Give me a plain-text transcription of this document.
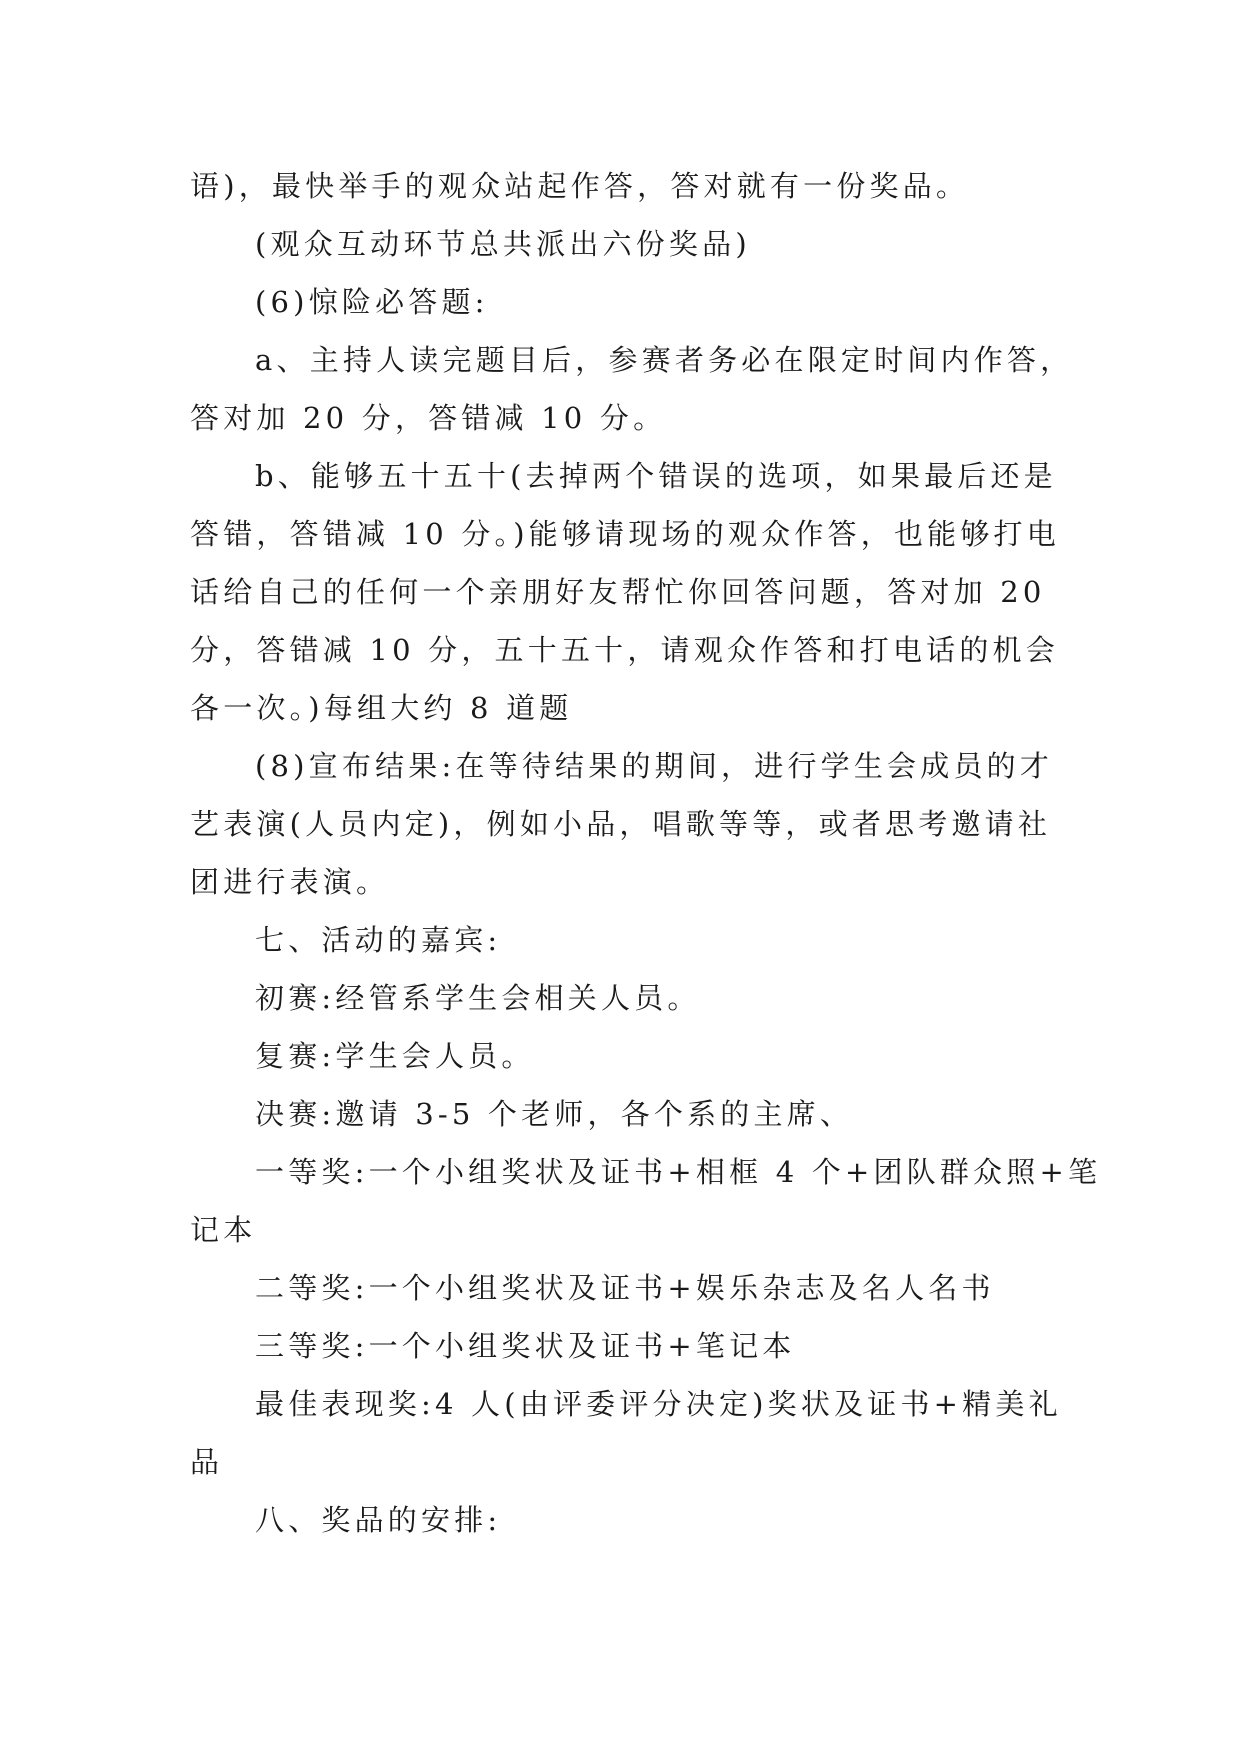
语)，最快举手的观众站起作答，答对就有一份奖品。
(观众互动环节总共派出六份奖品)
(6)惊险必答题:
a、主持人读完题目后，参赛者务必在限定时间内作答，
答对加 20 分，答错减 10 分。
b、能够五十五十(去掉两个错误的选项，如果最后还是
答错，答错减 10 分。)能够请现场的观众作答，也能够打电
话给自己的任何一个亲朋好友帮忙你回答问题，答对加 20
分，答错减 10 分，五十五十，请观众作答和打电话的机会
各一次。)每组大约 8 道题
(8)宣布结果:在等待结果的期间，进行学生会成员的才
艺表演(人员内定)，例如小品，唱歌等等，或者思考邀请社
团进行表演。
七、活动的嘉宾:
初赛:经管系学生会相关人员。
复赛:学生会人员。
决赛:邀请 3-5 个老师，各个系的主席、
一等奖:一个小组奖状及证书+相框 4 个+团队群众照+笔
记本
二等奖:一个小组奖状及证书+娱乐杂志及名人名书
三等奖:一个小组奖状及证书+笔记本
最佳表现奖:4 人(由评委评分决定)奖状及证书+精美礼
品
八、奖品的安排:
